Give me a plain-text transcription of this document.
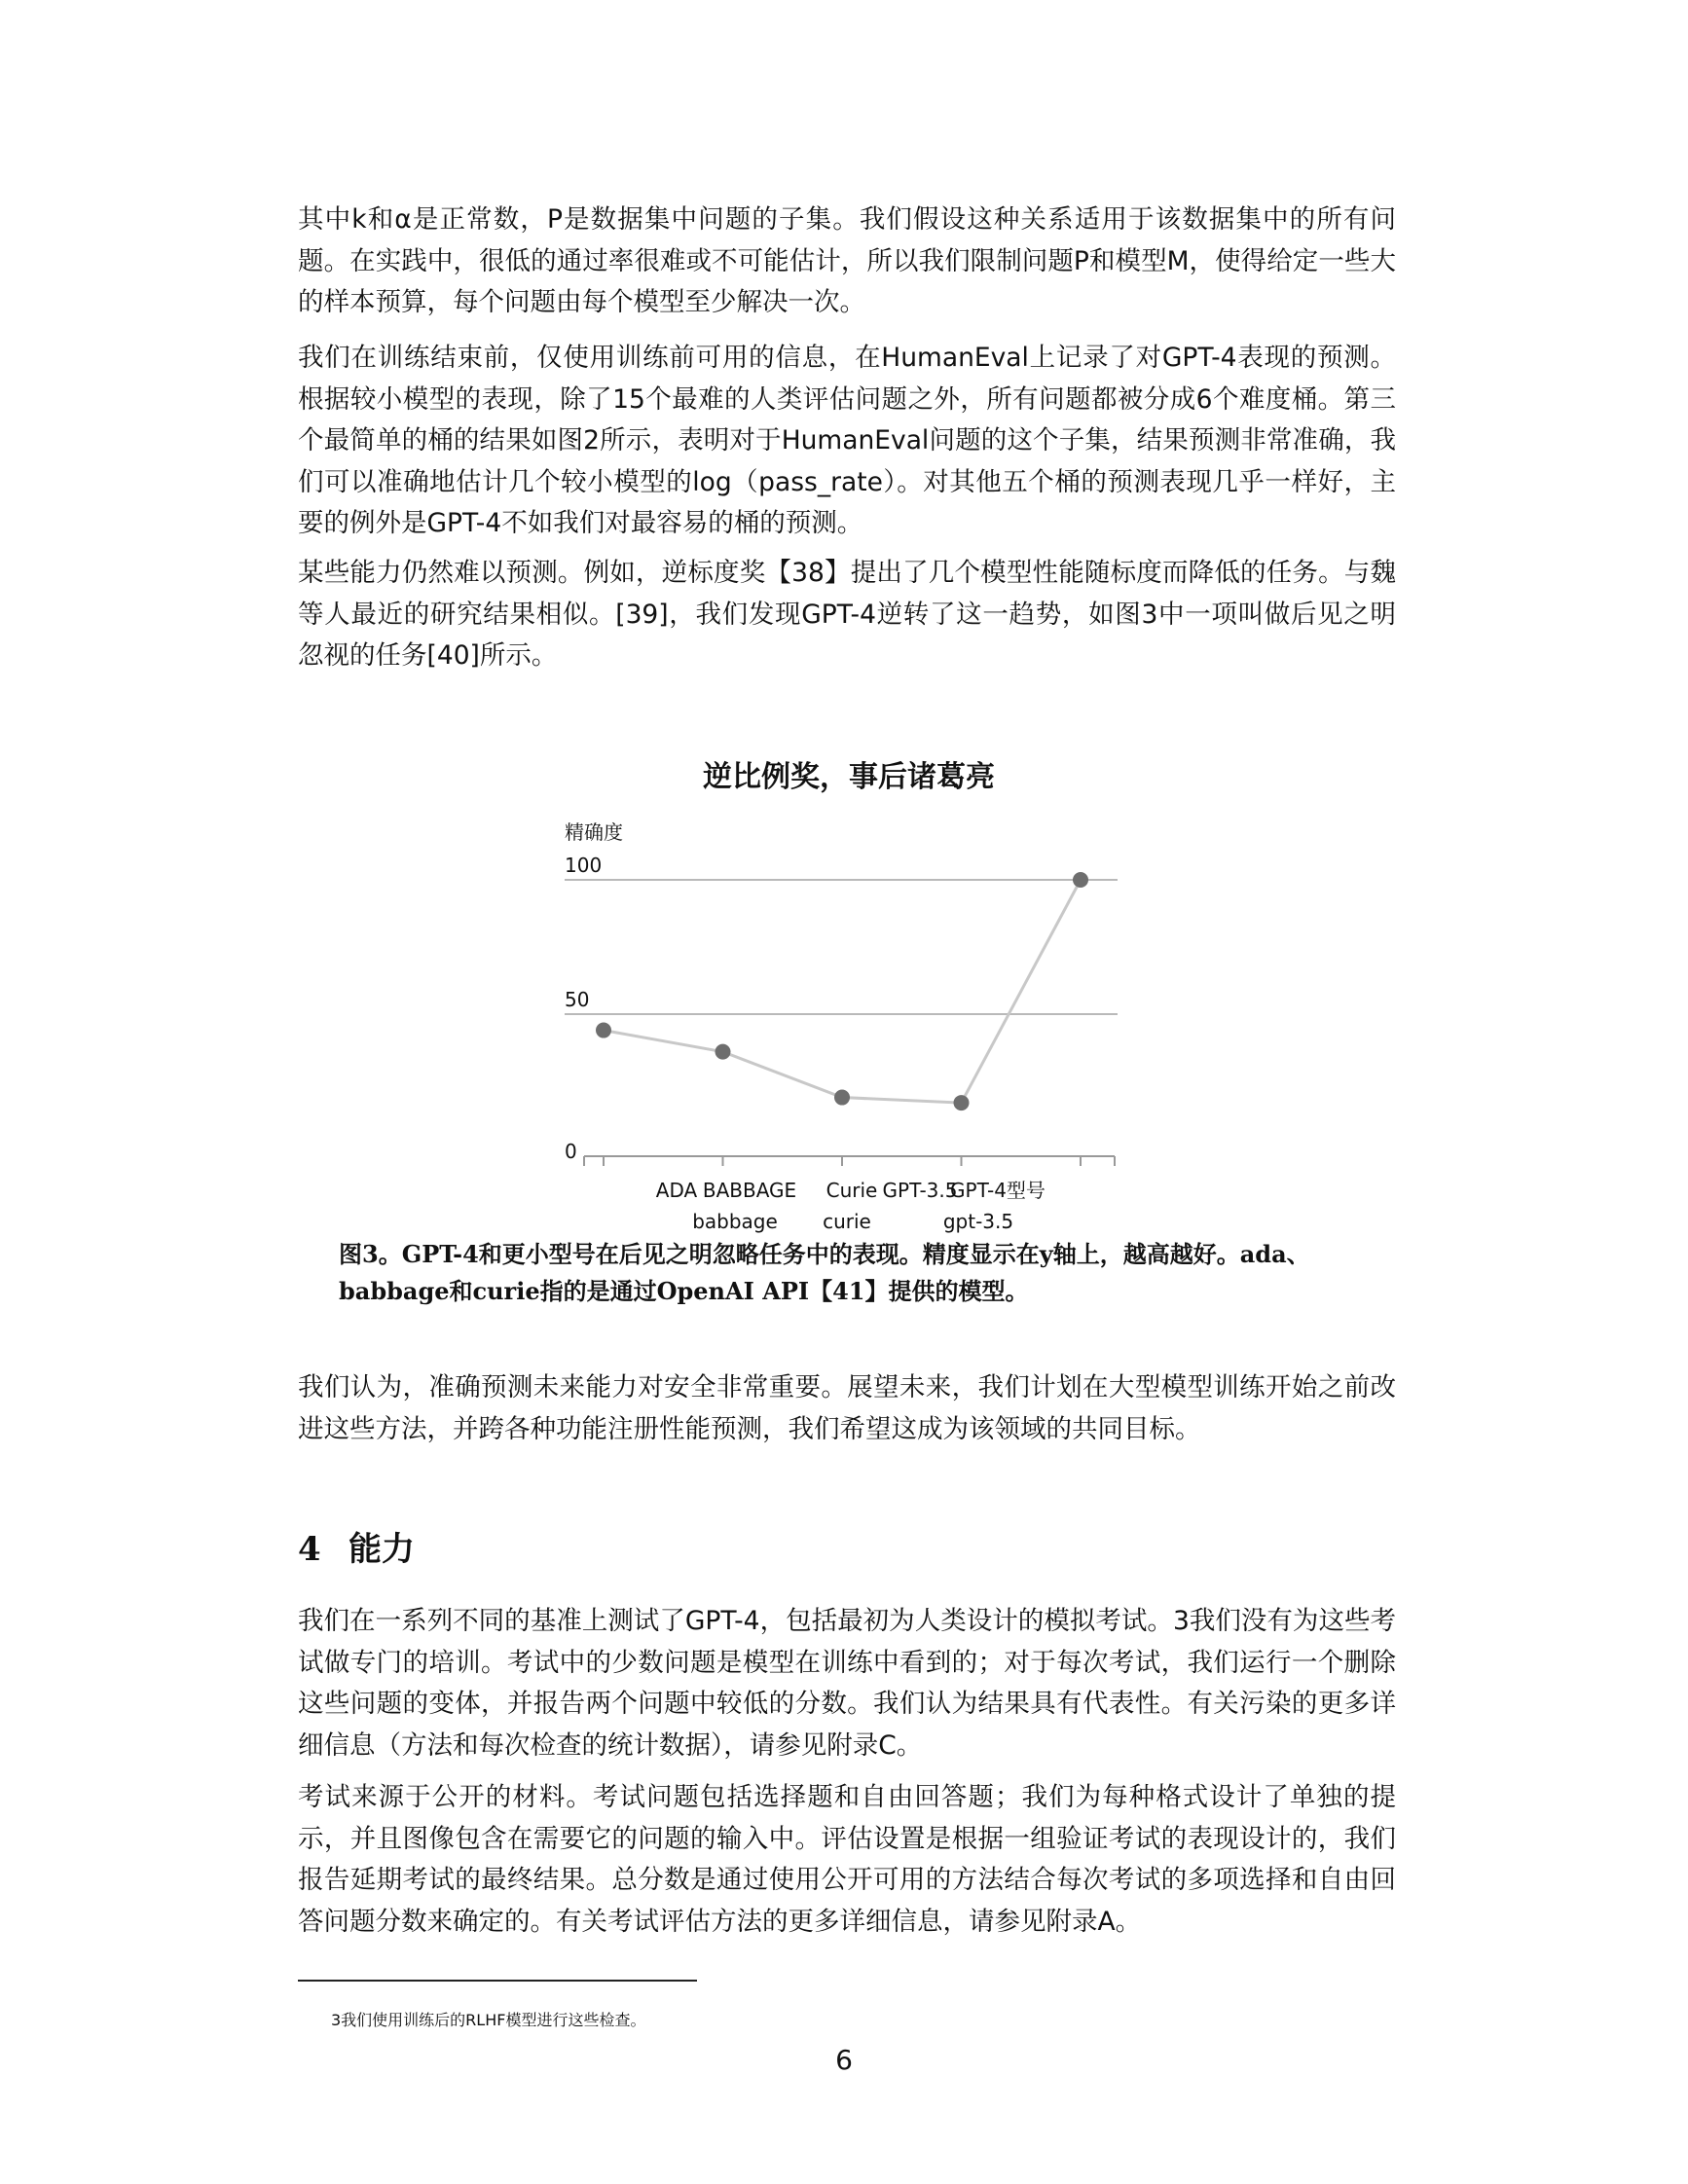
其中k和α是正常数，P是数据集中问题的子集。我们假设这种关系适用于该数据集中的所有问题。在实践中，很低的通过率很难或不可能估计，所以我们限制问题P和模型M，使得给定一些大的样本预算，每个问题由每个模型至少解决一次。

我们在训练结束前，仅使用训练前可用的信息，在HumanEval上记录了对GPT-4表现的预测。根据较小模型的表现，除了15个最难的人类评估问题之外，所有问题都被分成6个难度桶。第三个最简单的桶的结果如图2所示，表明对于HumanEval问题的这个子集，结果预测非常准确，我们可以准确地估计几个较小模型的log（pass_rate）。对其他五个桶的预测表现几乎一样好，主要的例外是GPT-4不如我们对最容易的桶的预测。

某些能力仍然难以预测。例如，逆标度奖【38】提出了几个模型性能随标度而降低的任务。与魏等人最近的研究结果相似。[39]，我们发现GPT-4逆转了这一趋势，如图3中一项叫做后见之明忽视的任务[40]所示。

逆比例奖，事后诸葛亮
精确度
0
50
100
ADA BABBAGE
babbage
Curie
curie
GPT-3.5
GPT-4型号
gpt-3.5

图3。GPT-4和更小型号在后见之明忽略任务中的表现。精度显示在y轴上，越高越好。ada、babbage和curie指的是通过OpenAI API【41】提供的模型。

我们认为，准确预测未来能力对安全非常重要。展望未来，我们计划在大型模型训练开始之前改进这些方法，并跨各种功能注册性能预测，我们希望这成为该领域的共同目标。

4 能力

我们在一系列不同的基准上测试了GPT-4，包括最初为人类设计的模拟考试。3我们没有为这些考试做专门的培训。考试中的少数问题是模型在训练中看到的；对于每次考试，我们运行一个删除这些问题的变体，并报告两个问题中较低的分数。我们认为结果具有代表性。有关污染的更多详细信息（方法和每次检查的统计数据），请参见附录C。

考试来源于公开的材料。考试问题包括选择题和自由回答题；我们为每种格式设计了单独的提示，并且图像包含在需要它的问题的输入中。评估设置是根据一组验证考试的表现设计的，我们报告延期考试的最终结果。总分数是通过使用公开可用的方法结合每次考试的多项选择和自由回答问题分数来确定的。有关考试评估方法的更多详细信息，请参见附录A。

3我们使用训练后的RLHF模型进行这些检查。

6
